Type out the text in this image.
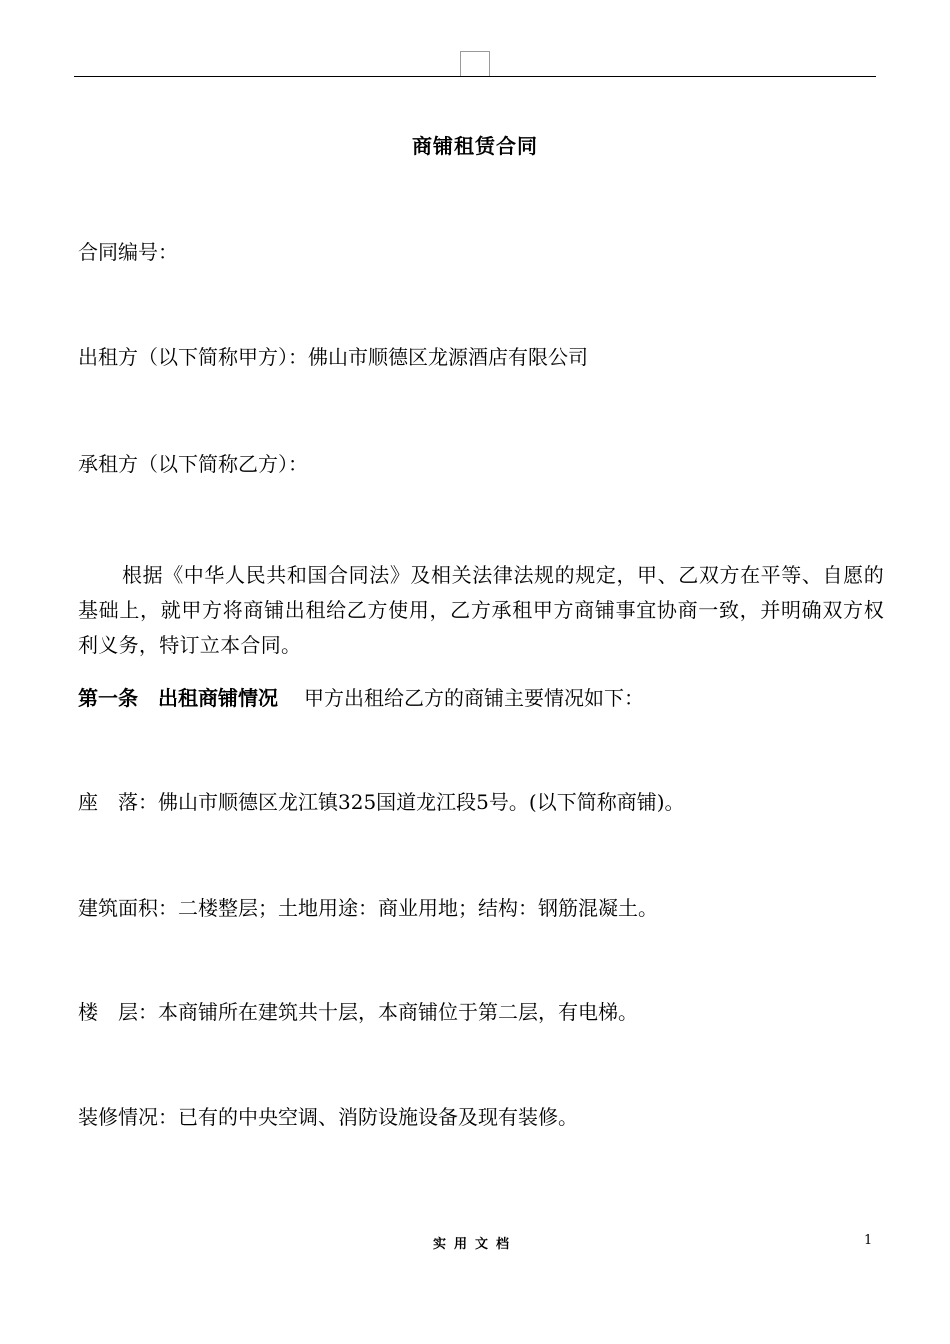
商铺租赁合同
合同编号：
出租方（以下简称甲方）：佛山市顺德区龙源酒店有限公司
承租方（以下简称乙方）：
根据《中华人民共和国合同法》及相关法律法规的规定，甲、乙双方在平等、自愿的基础上，就甲方将商铺出租给乙方使用，乙方承租甲方商铺事宜协商一致，并明确双方权利义务，特订立本合同。
第一条　出租商铺情况 甲方出租给乙方的商铺主要情况如下：
座　落：佛山市顺德区龙江镇325国道龙江段5号。(以下简称商铺)。
建筑面积：二楼整层；土地用途：商业用地；结构：钢筋混凝土。
楼　层：本商铺所在建筑共十层，本商铺位于第二层，有电梯。
装修情况：已有的中央空调、消防设施设备及现有装修。
实用文档	1
